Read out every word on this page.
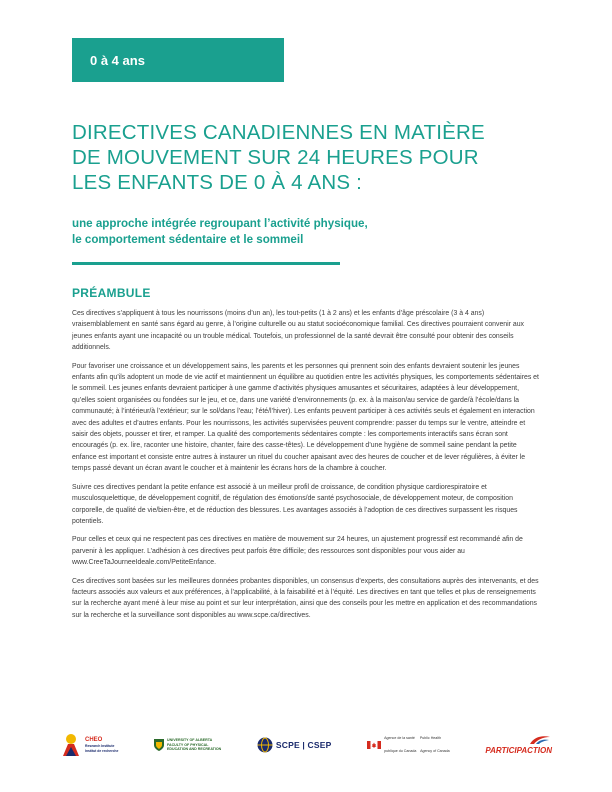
0 à 4 ans
DIRECTIVES CANADIENNES EN MATIÈRE
DE MOUVEMENT SUR 24 HEURES POUR
LES ENFANTS DE 0 À 4 ANS :
une approche intégrée regroupant l’activité physique,
le comportement sédentaire et le sommeil
PRÉAMBULE

Ces directives s’appliquent à tous les nourrissons (moins d’un an), les tout-petits (1 à 2 ans) et les enfants d’âge préscolaire (3 à 4 ans) vraisemblablement en santé sans égard au genre, à l’origine culturelle ou au statut socioéconomique familial. Ces directives pourraient convenir aux jeunes enfants ayant une incapacité ou un trouble médical. Toutefois, un professionnel de la santé devrait être consulté pour obtenir des conseils additionnels.

Pour favoriser une croissance et un développement sains, les parents et les personnes qui prennent soin des enfants devraient soutenir les jeunes enfants afin qu’ils adoptent un mode de vie actif et maintiennent un équilibre au quotidien entre les activités physiques, les comportements sédentaires et le sommeil. Les jeunes enfants devraient participer à une gamme d’activités physiques amusantes et sécuritaires, adaptées à leur développement, qu’elles soient organisées ou fondées sur le jeu, et ce, dans une variété d’environnements (p. ex. à la maison/au service de garde/à l’école/dans la communauté; à l’intérieur/à l’extérieur; sur le sol/dans l’eau; l’été/l’hiver). Les enfants peuvent participer à ces activités seuls et également en interaction avec des adultes et d’autres enfants. Pour les nourrissons, les activités supervisées peuvent comprendre: passer du temps sur le ventre, atteindre et saisir des objets, pousser et tirer, et ramper. La qualité des comportements sédentaires compte : les comportements interactifs sans écran sont encouragés (p. ex. lire, raconter une histoire, chanter, faire des casse-têtes). Le développement d’une hygiène de sommeil saine pendant la petite enfance est important et consiste entre autres à instaurer un rituel du coucher apaisant avec des heures de coucher et de lever régulières, à éviter le temps passé devant un écran avant le coucher et à maintenir les écrans hors de la chambre à coucher.

Suivre ces directives pendant la petite enfance est associé à un meilleur profil de croissance, de condition physique cardiorespiratoire et musculosquelettique, de développement cognitif, de régulation des émotions/de santé psychosociale, de développement moteur, de composition corporelle, de qualité de vie/bien-être, et de réduction des blessures. Les avantages associés à l’adoption de ces directives surpassent les risques potentiels.

Pour celles et ceux qui ne respectent pas ces directives en matière de mouvement sur 24 heures, un ajustement progressif est recommandé afin de parvenir à les appliquer. L’adhésion à ces directives peut parfois être difficile; des ressources sont disponibles pour vous aider au www.CreeTaJourneeIdeale.com/PetiteEnfance.

Ces directives sont basées sur les meilleures données probantes disponibles, un consensus d’experts, des consultations auprès des intervenants, et des facteurs associés aux valeurs et aux préférences, à l’applicabilité, à la faisabilité et à l’équité. Les directives en tant que telles et plus de renseignements sur la recherche ayant mené à leur mise au point et sur leur interprétation, ainsi que des conseils pour les mettre en application et des recommandations sur la recherche et la surveillance sont disponibles au www.scpe.ca/directives.

CHEO
Research Institute
Institut de recherche
UNIVERSITY OF ALBERTA
FACULTY OF PHYSICAL
EDUCATION AND RECREATION	SCPE | CSEP

Agence de la santé     Public Health

publique du Canada    Agency of Canada

	PARTICIPACTION
